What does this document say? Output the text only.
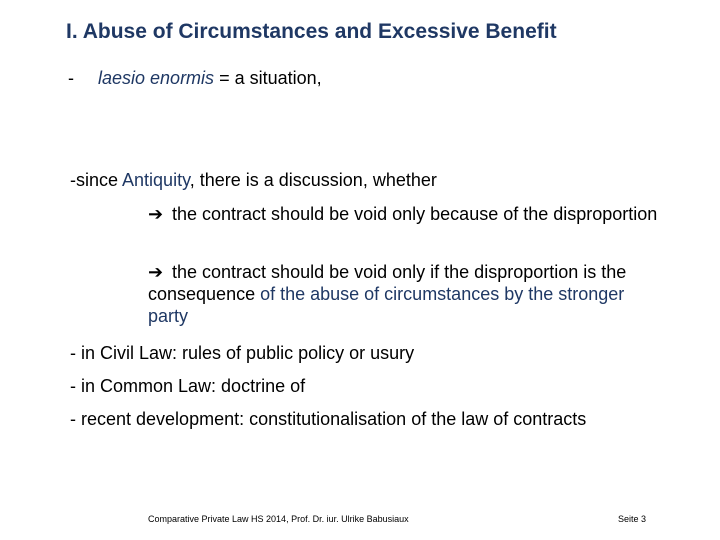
I. Abuse of Circumstances and Excessive Benefit
- laesio enormis = a situation,
-since Antiquity, there is a discussion, whether
➔ the contract should be void only because of the disproportion
➔ the contract should be void only if the disproportion is the consequence of the abuse of circumstances by the stronger party
- in Civil Law: rules of public policy or usury
- in Common Law: doctrine of
- recent development: constitutionalisation of the law of contracts
Comparative Private Law HS 2014, Prof. Dr. iur. Ulrike Babusiaux	Seite 3
